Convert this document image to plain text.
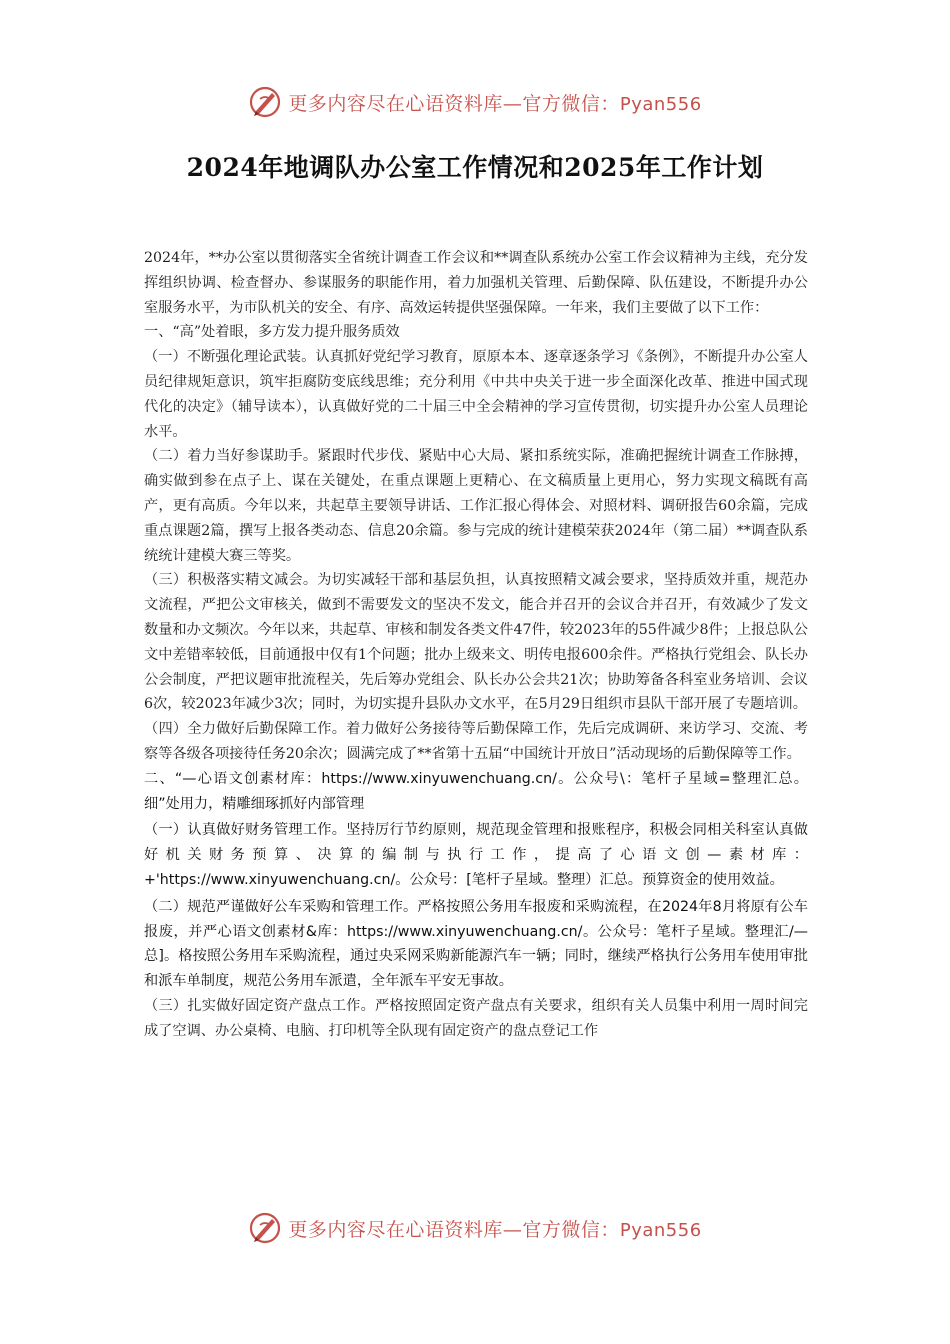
更多内容尽在心语资料库—官方微信：Pyan556
2024年地调队办公室工作情况和2025年工作计划

2024年，**办公室以贯彻落实全省统计调查工作会议和**调查队系统办公室工作会议精神为主线，充分发挥组织协调、检查督办、参谋服务的职能作用，着力加强机关管理、后勤保障、队伍建设，不断提升办公室服务水平，为市队机关的安全、有序、高效运转提供坚强保障。一年来，我们主要做了以下工作：

一、“高”处着眼，多方发力提升服务质效

（一）不断强化理论武装。认真抓好党纪学习教育，原原本本、逐章逐条学习《条例》，不断提升办公室人员纪律规矩意识，筑牢拒腐防变底线思维；充分利用《中共中央关于进一步全面深化改革、推进中国式现代化的决定》（辅导读本），认真做好党的二十届三中全会精神的学习宣传贯彻，切实提升办公室人员理论水平。

（二）着力当好参谋助手。紧跟时代步伐、紧贴中心大局、紧扣系统实际，准确把握统计调查工作脉搏，确实做到参在点子上、谋在关键处，在重点课题上更精心、在文稿质量上更用心，努力实现文稿既有高产，更有高质。今年以来，共起草主要领导讲话、工作汇报心得体会、对照材料、调研报告60余篇，完成重点课题2篇，撰写上报各类动态、信息20余篇。参与完成的统计建模荣获2024年（第二届）**调查队系统统计建模大赛三等奖。

（三）积极落实精文减会。为切实减轻干部和基层负担，认真按照精文减会要求，坚持质效并重，规范办文流程，严把公文审核关，做到不需要发文的坚决不发文，能合并召开的会议合并召开，有效减少了发文数量和办文频次。今年以来，共起草、审核和制发各类文件47件，较2023年的55件减少8件；上报总队公文中差错率较低，目前通报中仅有1个问题；批办上级来文、明传电报600余件。严格执行党组会、队长办公会制度，严把议题审批流程关，先后筹办党组会、队长办公会共21次；协助筹备各科室业务培训、会议6次，较2023年减少3次；同时，为切实提升县队办文水平，在5月29日组织市县队干部开展了专题培训。

（四）全力做好后勤保障工作。着力做好公务接待等后勤保障工作，先后完成调研、来访学习、交流、考察等各级各项接待任务20余次；圆满完成了**省第十五届“中国统计开放日”活动现场的后勤保障等工作。

二、“—心语文创素材库：https://www.xinyuwenchuang.cn/。公众号\：笔杆子星域=整理汇总。细”处用力，精雕细琢抓好内部管理

（一）认真做好财务管理工作。坚持厉行节约原则，规范现金管理和报账程序，积极会同相关科室认真做好机关财务预算、决算的编制与执行工作，提高了心语文创—素材库：+'https://www.xinyuwenchuang.cn/。公众号：[笔杆子星域。整理）汇总。预算资金的使用效益。

（二）规范严谨做好公车采购和管理工作。严格按照公务用车报废和采购流程，在2024年8月将原有公车报废，并严心语文创素材&库：https://www.xinyuwenchuang.cn/。公众号：笔杆子星域。整理汇/—总]。格按照公务用车采购流程，通过央采网采购新能源汽车一辆；同时，继续严格执行公务用车使用审批和派车单制度，规范公务用车派遣，全年派车平安无事故。

（三）扎实做好固定资产盘点工作。严格按照固定资产盘点有关要求，组织有关人员集中利用一周时间完成了空调、办公桌椅、电脑、打印机等全队现有固定资产的盘点登记工作

更多内容尽在心语资料库—官方微信：Pyan556
